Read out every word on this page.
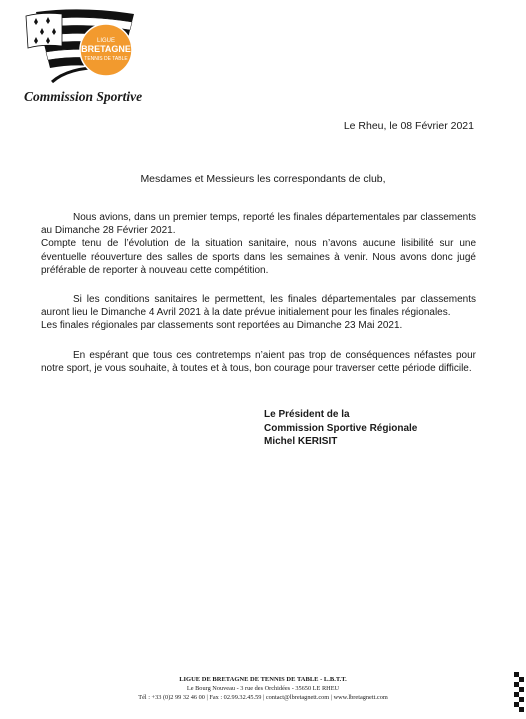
LIGUE
BRETAGNE
TENNIS DE TABLE
Commission Sportive
Le Rheu, le 08 Février 2021
Mesdames et Messieurs les correspondants de club,

Nous avions, dans un premier temps, reporté les finales départementales par classements au Dimanche 28 Février 2021.
Compte tenu de l’évolution de la situation sanitaire, nous n’avons aucune lisibilité sur une éventuelle réouverture des salles de sports dans les semaines à venir. Nous avons donc jugé préférable de reporter à nouveau cette compétition.

Si les conditions sanitaires le permettent, les finales départementales par classements auront lieu le Dimanche 4 Avril 2021 à la date prévue initialement pour les finales régionales.
Les finales régionales par classements sont reportées au Dimanche 23 Mai 2021.

En espérant que tous ces contretemps n’aient pas trop de conséquences néfastes pour notre sport, je vous souhaite, à toutes et à tous, bon courage pour traverser cette période difficile.

Le Président de la
Commission Sportive Régionale
Michel KERISIT
LIGUE DE BRETAGNE DE TENNIS DE TABLE - L.B.T.T.
Le Bourg Nouveau - 3 rue des Orchidées - 35650 LE RHEU
Tél : +33 (0)2 99 32 46 00 | Fax : 02.99.32.45.59 | contact@lbretagnett.com | www.lbretagnett.com
